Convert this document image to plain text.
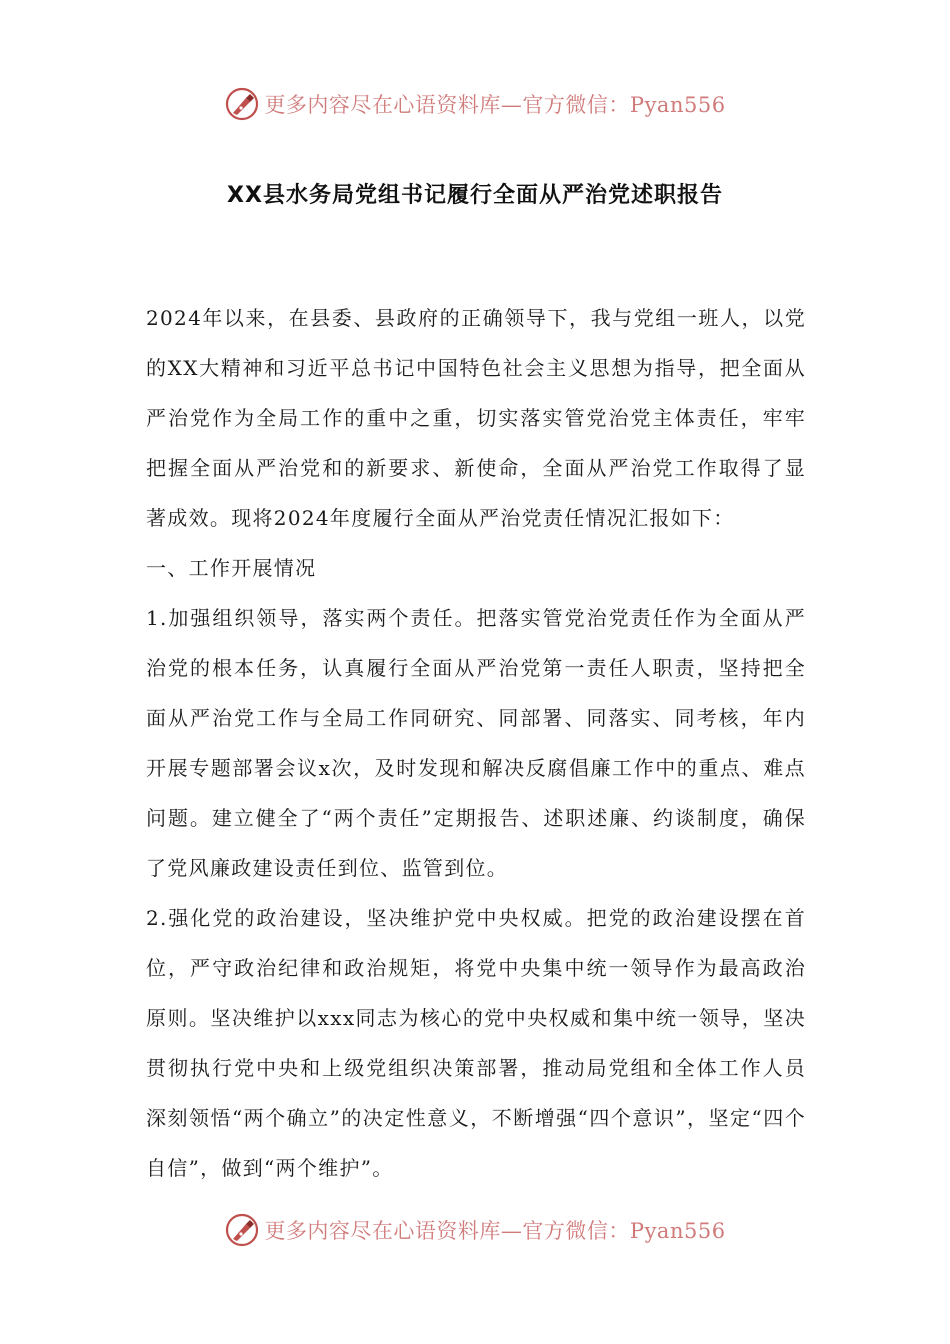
更多内容尽在心语资料库—官方微信：Pyan556
XX县水务局党组书记履行全面从严治党述职报告

2024年以来，在县委、县政府的正确领导下，我与党组一班人，以党的XX大精神和习近平总书记中国特色社会主义思想为指导，把全面从严治党作为全局工作的重中之重，切实落实管党治党主体责任，牢牢把握全面从严治党和的新要求、新使命，全面从严治党工作取得了显著成效。现将2024年度履行全面从严治党责任情况汇报如下：

一、工作开展情况

1.加强组织领导，落实两个责任。把落实管党治党责任作为全面从严治党的根本任务，认真履行全面从严治党第一责任人职责，坚持把全面从严治党工作与全局工作同研究、同部署、同落实、同考核，年内开展专题部署会议x次，及时发现和解决反腐倡廉工作中的重点、难点问题。建立健全了“两个责任”定期报告、述职述廉、约谈制度，确保了党风廉政建设责任到位、监管到位。

2.强化党的政治建设，坚决维护党中央权威。把党的政治建设摆在首位，严守政治纪律和政治规矩，将党中央集中统一领导作为最高政治原则。坚决维护以xxx同志为核心的党中央权威和集中统一领导，坚决贯彻执行党中央和上级党组织决策部署，推动局党组和全体工作人员深刻领悟“两个确立”的决定性意义，不断增强“四个意识”，坚定“四个自信”，做到“两个维护”。

更多内容尽在心语资料库—官方微信：Pyan556
